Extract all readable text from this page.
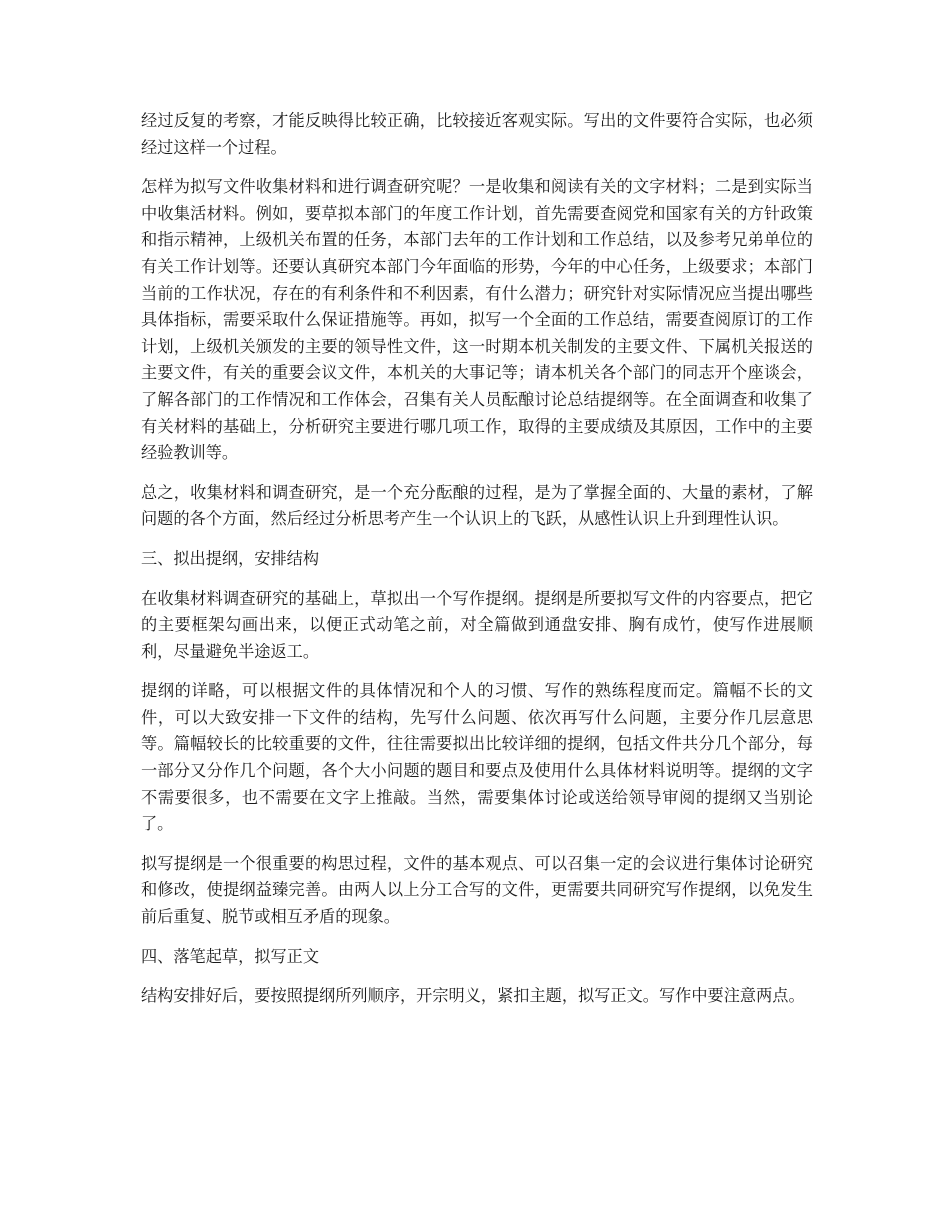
经过反复的考察，才能反映得比较正确，比较接近客观实际。写出的文件要符合实际，也必须经过这样一个过程。

怎样为拟写文件收集材料和进行调查研究呢？一是收集和阅读有关的文字材料；二是到实际当中收集活材料。例如，要草拟本部门的年度工作计划，首先需要查阅党和国家有关的方针政策和指示精神，上级机关布置的任务，本部门去年的工作计划和工作总结，以及参考兄弟单位的有关工作计划等。还要认真研究本部门今年面临的形势，今年的中心任务，上级要求；本部门当前的工作状况，存在的有利条件和不利因素，有什么潜力；研究针对实际情况应当提出哪些具体指标，需要采取什么保证措施等。再如，拟写一个全面的工作总结，需要查阅原订的工作计划，上级机关颁发的主要的领导性文件，这一时期本机关制发的主要文件、下属机关报送的主要文件，有关的重要会议文件，本机关的大事记等；请本机关各个部门的同志开个座谈会，了解各部门的工作情况和工作体会，召集有关人员酝酿讨论总结提纲等。在全面调查和收集了有关材料的基础上，分析研究主要进行哪几项工作，取得的主要成绩及其原因，工作中的主要经验教训等。

总之，收集材料和调查研究，是一个充分酝酿的过程，是为了掌握全面的、大量的素材，了解问题的各个方面，然后经过分析思考产生一个认识上的飞跃，从感性认识上升到理性认识。

三、拟出提纲，安排结构

在收集材料调查研究的基础上，草拟出一个写作提纲。提纲是所要拟写文件的内容要点，把它的主要框架勾画出来，以便正式动笔之前，对全篇做到通盘安排、胸有成竹，使写作进展顺利，尽量避免半途返工。

提纲的详略，可以根据文件的具体情况和个人的习惯、写作的熟练程度而定。篇幅不长的文件，可以大致安排一下文件的结构，先写什么问题、依次再写什么问题，主要分作几层意思等。篇幅较长的比较重要的文件，往往需要拟出比较详细的提纲，包括文件共分几个部分，每一部分又分作几个问题，各个大小问题的题目和要点及使用什么具体材料说明等。提纲的文字不需要很多，也不需要在文字上推敲。当然，需要集体讨论或送给领导审阅的提纲又当别论了。

拟写提纲是一个很重要的构思过程，文件的基本观点、可以召集一定的会议进行集体讨论研究和修改，使提纲益臻完善。由两人以上分工合写的文件，更需要共同研究写作提纲，以免发生前后重复、脱节或相互矛盾的现象。

四、落笔起草，拟写正文

结构安排好后，要按照提纲所列顺序，开宗明义，紧扣主题，拟写正文。写作中要注意两点。
